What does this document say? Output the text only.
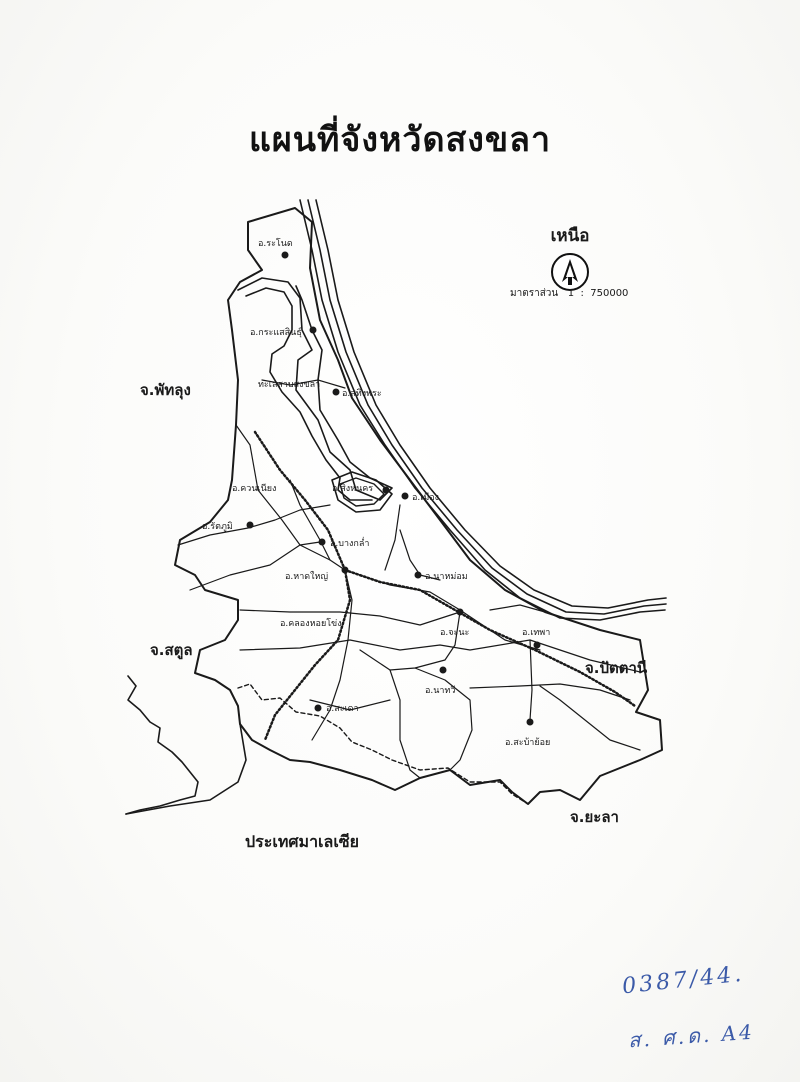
แผนที่จังหวัดสงขลา
เหนือ
มาตราส่วน 1  :  750000
อ.ระโนด
อ.กระแสสินธุ์
อ.สทิงพระ
ทะเลสาบสงขลา
อ.ควนเนียง	อ.สิงหนคร
อ.เมือง
อ.รัตภูมิ
อ.บางกล่ำ
อ.หาดใหญ่	อ.นาหม่อม
อ.คลองหอยโข่ง
อ.จะนะ	อ.เทพา
อ.นาทวี
อ.สะเดา
อ.สะบ้าย้อย
จ.พัทลุง
จ.สตูล
จ.ปัตตานี
จ.ยะลา
ประเทศมาเลเซีย
0387/44.
ส. ศ.ด. A4
